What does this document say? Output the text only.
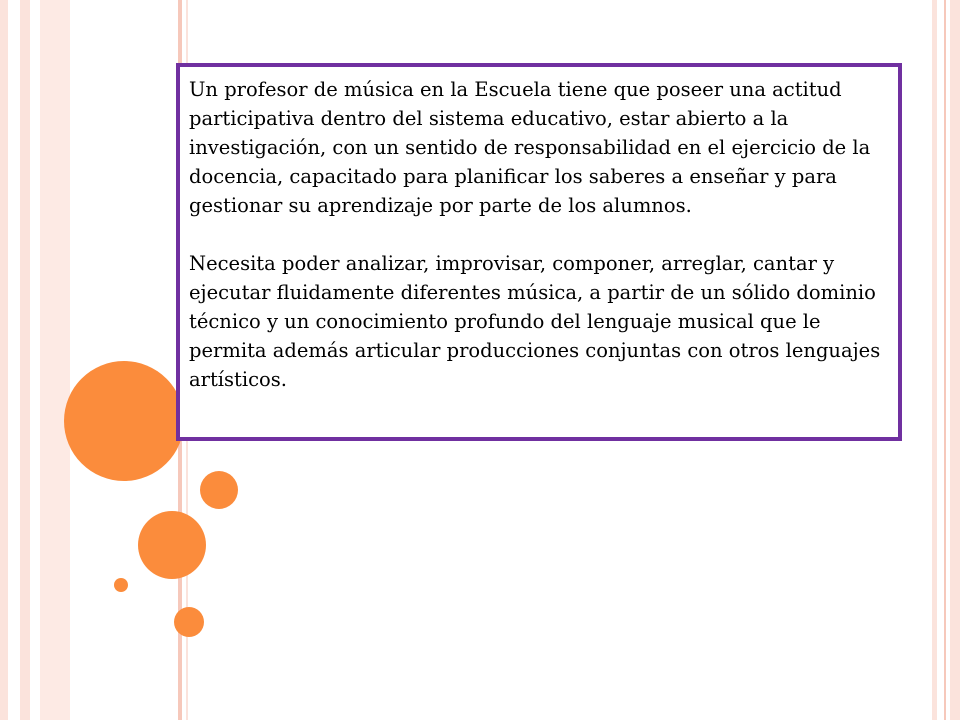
Un profesor de música en la Escuela tiene que poseer una actitud participativa dentro del sistema educativo, estar abierto a la investigación, con un sentido de responsabilidad en el ejercicio de la docencia, capacitado para planificar los saberes a enseñar y para gestionar su aprendizaje por parte de los alumnos.

Necesita poder analizar, improvisar, componer, arreglar, cantar y ejecutar fluidamente diferentes música, a partir de un sólido dominio técnico y un conocimiento profundo del lenguaje musical que le permita además articular producciones conjuntas con otros lenguajes artísticos.
